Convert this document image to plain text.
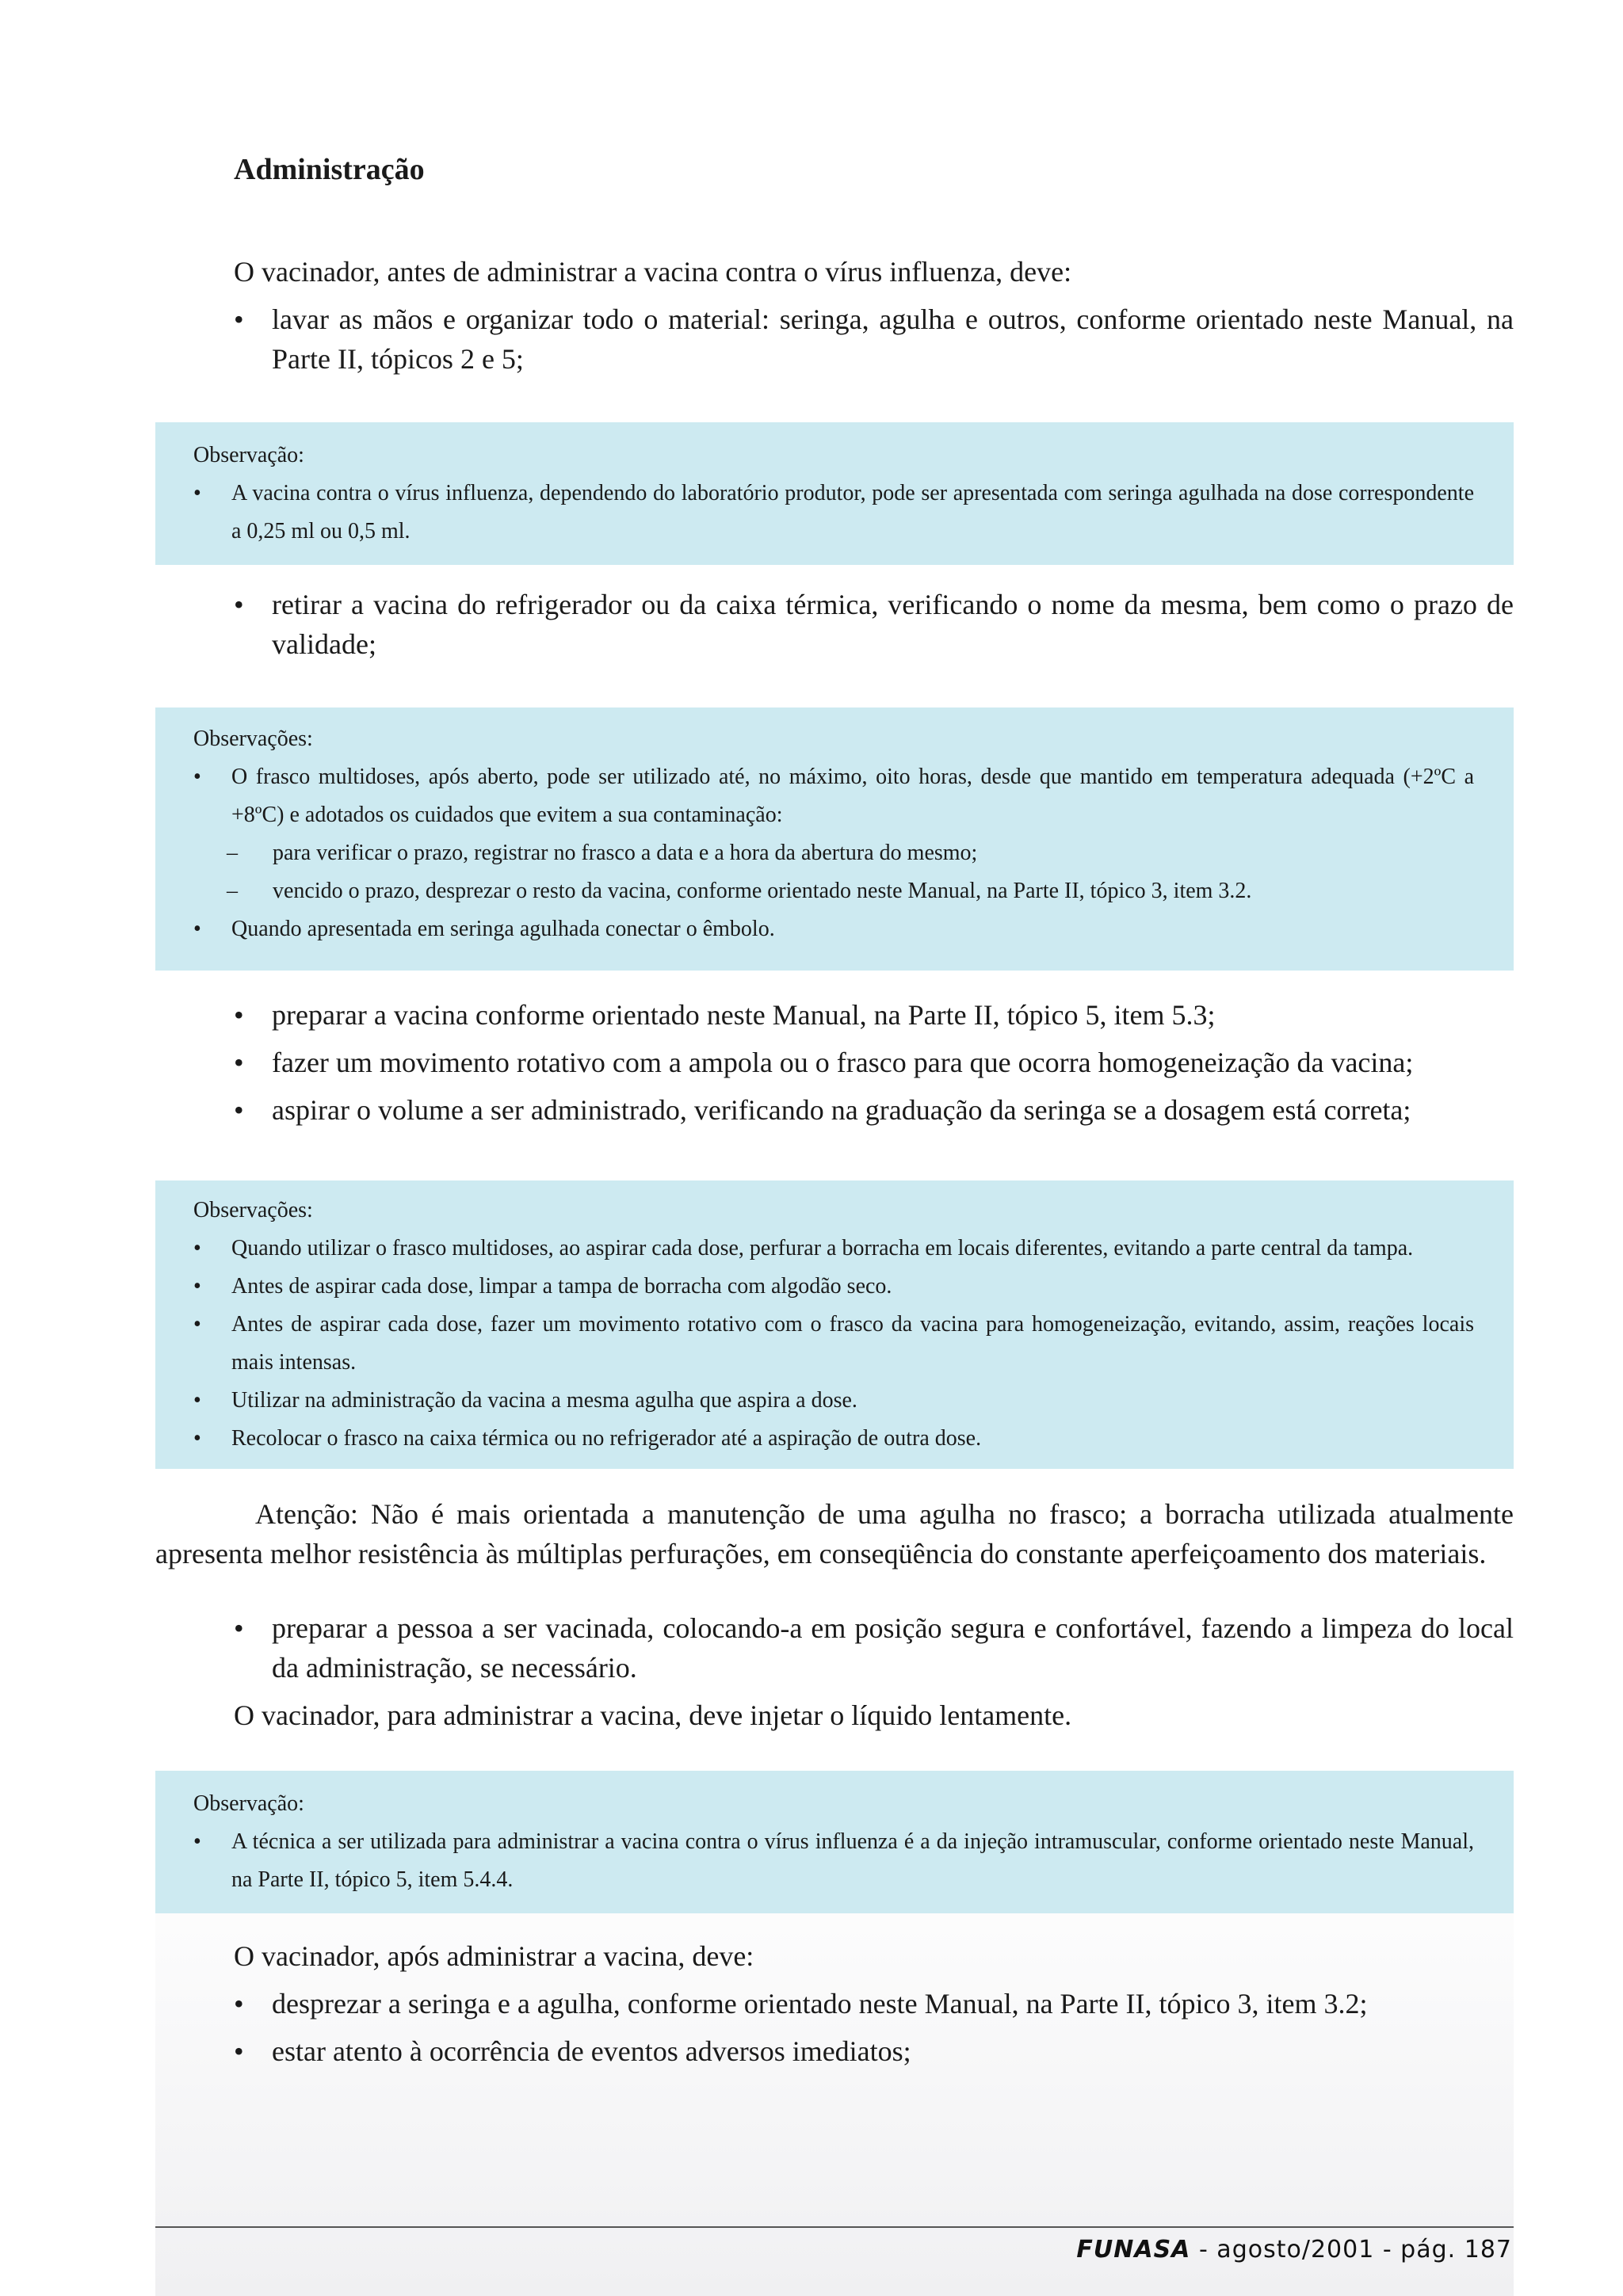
Administração

O vacinador, antes de administrar a vacina contra o vírus influenza, deve:

• lavar as mãos e organizar todo o material: seringa, agulha e outros, conforme orientado neste Manual, na Parte II, tópicos 2 e 5;

Observação:

• A vacina contra o vírus influenza, dependendo do laboratório produtor, pode ser apresentada com seringa agulhada na dose correspondente a 0,25 ml ou 0,5 ml.
• retirar a vacina do refrigerador ou da caixa térmica, verificando o nome da mesma, bem como o prazo de validade;

Observações:

• O frasco multidoses, após aberto, pode ser utilizado até, no máximo, oito horas, desde que mantido em temperatura adequada (+2ºC a +8ºC) e adotados os cuidados que evitem a sua contaminação:
– para verificar o prazo, registrar no frasco a data e a hora da abertura do mesmo;
– vencido o prazo, desprezar o resto da vacina, conforme orientado neste Manual, na Parte II, tópico 3, item 3.2.
• Quando apresentada em seringa agulhada conectar o êmbolo.
• preparar a vacina conforme orientado neste Manual, na Parte II, tópico 5, item 5.3;
• fazer um movimento rotativo com a ampola ou o frasco para que ocorra homogeneização da vacina;
• aspirar o volume a ser administrado, verificando na graduação da seringa se a dosagem está correta;

Observações:

• Quando utilizar o frasco multidoses, ao aspirar cada dose, perfurar a borracha em locais diferentes, evitando a parte central da tampa.
• Antes de aspirar cada dose, limpar a tampa de borracha com algodão seco.
• Antes de aspirar cada dose, fazer um movimento rotativo com o frasco da vacina para homogeneização, evitando, assim, reações locais mais intensas.
• Utilizar na administração da vacina a mesma agulha que aspira a dose.
• Recolocar o frasco na caixa térmica ou no refrigerador até a aspiração de outra dose.

Atenção: Não é mais orientada a manutenção de uma agulha no frasco; a borracha utilizada atualmente apresenta melhor resistência às múltiplas perfurações, em conseqüência do constante aperfeiçoamento dos materiais.

• preparar a pessoa a ser vacinada, colocando-a em posição segura e confortável, fazendo a limpeza do local da administração, se necessário.

O vacinador, para administrar a vacina, deve injetar o líquido lentamente.

Observação:

• A técnica a ser utilizada para administrar a vacina contra o vírus influenza é a da injeção intramuscular, conforme orientado neste Manual, na Parte II, tópico 5, item 5.4.4.

O vacinador, após administrar a vacina, deve:

• desprezar a seringa e a agulha, conforme orientado neste Manual, na Parte II, tópico 3, item 3.2;
• estar atento à ocorrência de eventos adversos imediatos;
FUNASA - agosto/2001 - pág. 187
